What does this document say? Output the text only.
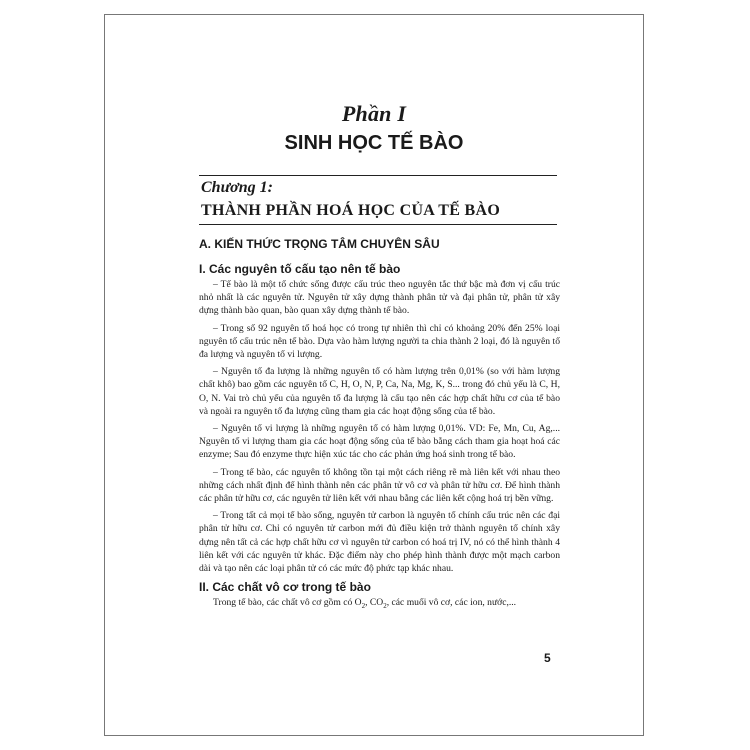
Phần I
SINH HỌC TẾ BÀO
Chương 1:
THÀNH PHẦN HOÁ HỌC CỦA TẾ BÀO
A. KIẾN THỨC TRỌNG TÂM CHUYÊN SÂU
I. Các nguyên tố cấu tạo nên tế bào

– Tế bào là một tổ chức sống được cấu trúc theo nguyên tắc thứ bậc mà đơn vị cấu trúc nhỏ nhất là các nguyên tử. Nguyên tử xây dựng thành phân tử và đại phân tử, phân tử xây dựng thành bào quan, bào quan xây dựng thành tế bào.

– Trong số 92 nguyên tố hoá học có trong tự nhiên thì chỉ có khoảng 20% đến 25% loại nguyên tố cấu trúc nên tế bào. Dựa vào hàm lượng người ta chia thành 2 loại, đó là nguyên tố đa lượng và nguyên tố vi lượng.

– Nguyên tố đa lượng là những nguyên tố có hàm lượng trên 0,01% (so với hàm lượng chất khô) bao gồm các nguyên tố C, H, O, N, P, Ca, Na, Mg, K, S... trong đó chủ yếu là C, H, O, N. Vai trò chủ yếu của nguyên tố đa lượng là cấu tạo nên các hợp chất hữu cơ của tế bào và ngoài ra nguyên tố đa lượng cũng tham gia các hoạt động sống của tế bào.

– Nguyên tố vi lượng là những nguyên tố có hàm lượng 0,01%. VD: Fe, Mn, Cu, Ag,... Nguyên tố vi lượng tham gia các hoạt động sống của tế bào bằng cách tham gia hoạt hoá các enzyme; Sau đó enzyme thực hiện xúc tác cho các phản ứng hoá sinh trong tế bào.

– Trong tế bào, các nguyên tố không tồn tại một cách riêng rẽ mà liên kết với nhau theo những cách nhất định để hình thành nên các phân tử vô cơ và phân tử hữu cơ. Để hình thành các phân tử hữu cơ, các nguyên tử liên kết với nhau bằng các liên kết cộng hoá trị bền vững.

– Trong tất cả mọi tế bào sống, nguyên tử carbon là nguyên tố chính cấu trúc nên các đại phân tử hữu cơ. Chỉ có nguyên tử carbon mới đủ điều kiện trở thành nguyên tố chính xây dựng nên tất cả các hợp chất hữu cơ vì nguyên tử carbon có hoá trị IV, nó có thể hình thành 4 liên kết với các nguyên tử khác. Đặc điểm này cho phép hình thành được một mạch carbon dài và tạo nên các loại phân tử có các mức độ phức tạp khác nhau.

II. Các chất vô cơ trong tế bào

Trong tế bào, các chất vô cơ gồm có $O_2$, $CO_2$, các muối vô cơ, các ion, nước,...

5
